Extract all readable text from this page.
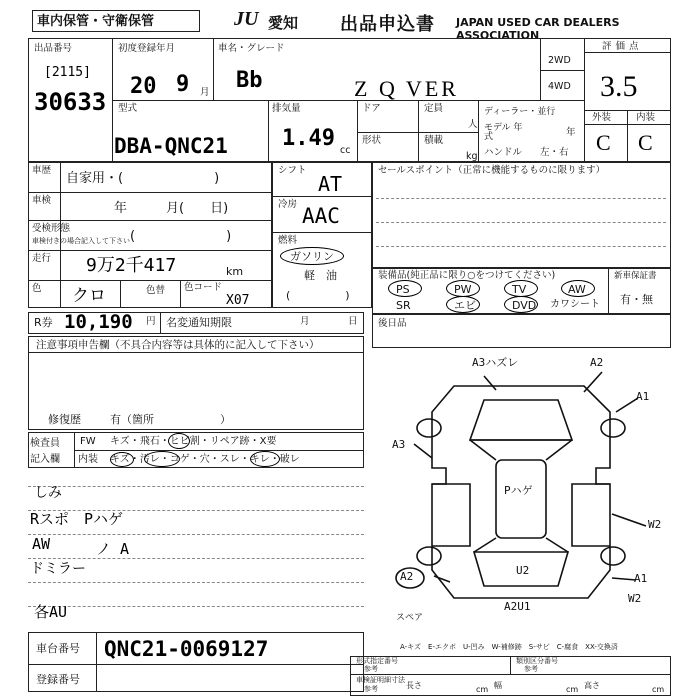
車内保管・守衛保管	JU 愛知 出品申込書 JAPAN USED CAR DEALERS ASSOCIATION
出品番号
[2115]
30633
初度登録年月
20 9 月
車名・グレード
Bb	Z Q VER
2WD
4WD
評価点
3.5
型式
DBA-QNC21
排気量
1.49 cc
ドア	定員
人
形状	積載
kg
ディーラー・並行
モデル 年式	年
ハンドル 左・右
外装	内装
C C
車歴
自家用・(　　　　　　　)
車検
年　　　月(　　日)
受検形態
車検付きの場合記入して下さい (　　　　　　　)
走行 9万2千417	km
色 クロ	色替 色コード
X07
シフト
AT
冷房 AAC
燃料
ガソリン
軽　油
(　　　　　)
セールスポイント（正常に機能するものに限ります）
装備品(純正品に限り○をつけてください)
PS	PW	TV	AW
SR	エビ	DVD カワシート
新車保証書
有・無
R券 10,190 円 名変通知期限	月	日 後日品
注意事項申告欄（不具合内容等は具体的に記入して下さい）
修復歴	有（箇所　　　　　　）
検査員 記入欄
FW キズ・飛石・ヒビ割・リペア跡・X要
内装 キズ・汚レ・コゲ・穴・スレ・キレ・破レ
しみ
Rスポ　Pハゲ
AW
ドミラー
各AU
ノ A
A3ハズレ	A2
A1
A3
Pハゲ
W2
A2	U2
A1
W2
A2U1
スペア
A-キズ　E-エクボ　U-凹み　W-補修跡　S-サビ　C-腐食　XX-交換済
車台番号 QNC21-0069127
登録番号
形式指定番号
参考
類別区分番号
参考
車検証明細寸法
参考	長さ	cm 幅	cm 高さ	cm
